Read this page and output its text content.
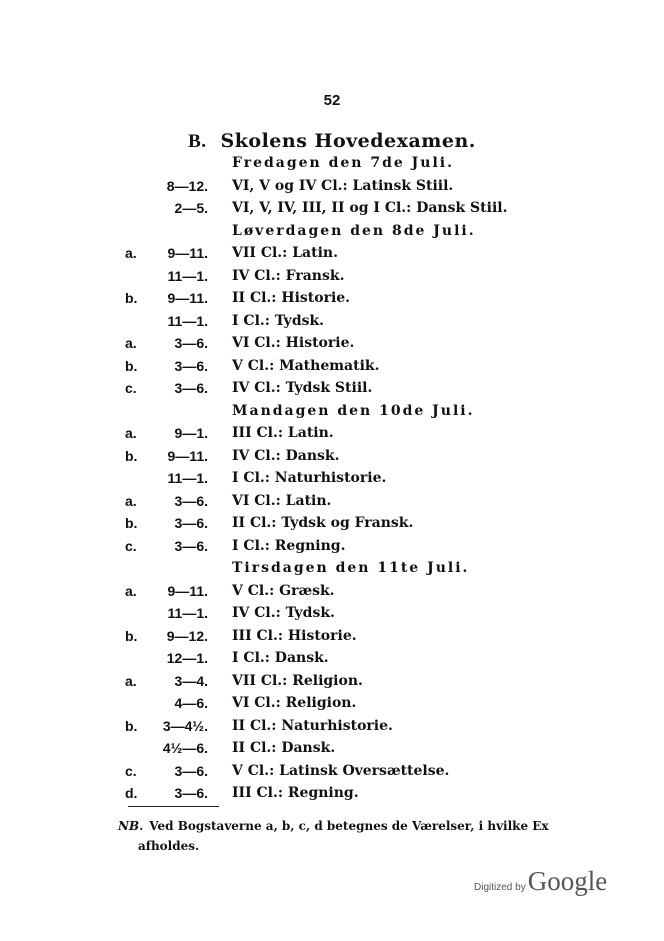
52
B. Skolens Hovedexamen.
Fredagen den 7de Juli.
8—12. VI, V og IV Cl.: Latinsk Stiil.
2—5. VI, V, IV, III, II og I Cl.: Dansk Stiil.
Løverdagen den 8de Juli.
a.	9—11. VII Cl.: Latin.
11—1. IV Cl.: Fransk.
b.	9—11. II Cl.: Historie.
11—1. I Cl.: Tydsk.
a.	3—6. VI Cl.: Historie.
b.	3—6. V Cl.: Mathematik.
c.	3—6. IV Cl.: Tydsk Stiil.
Mandagen den 10de Juli.
a.	9—1. III Cl.: Latin.
b.	9—11. IV Cl.: Dansk.
11—1. I Cl.: Naturhistorie.
a.	3—6. VI Cl.: Latin.
b.	3—6. II Cl.: Tydsk og Fransk.
c.	3—6. I Cl.: Regning.
Tirsdagen den 11te Juli.
a.	9—11. V Cl.: Græsk.
11—1. IV Cl.: Tydsk.
b.	9—12. III Cl.: Historie.
12—1. I Cl.: Dansk.
a.	3—4. VII Cl.: Religion.
4—6. VI Cl.: Religion.
b.	3—4½. II Cl.: Naturhistorie.
4½—6. II Cl.: Dansk.
c.	3—6. V Cl.: Latinsk Oversættelse.
d.	3—6. III Cl.: Regning.
NB. Ved Bogstaverne a, b, c, d betegnes de Værelser, i hvilke Ex
afholdes.
Digitized byGoogle
